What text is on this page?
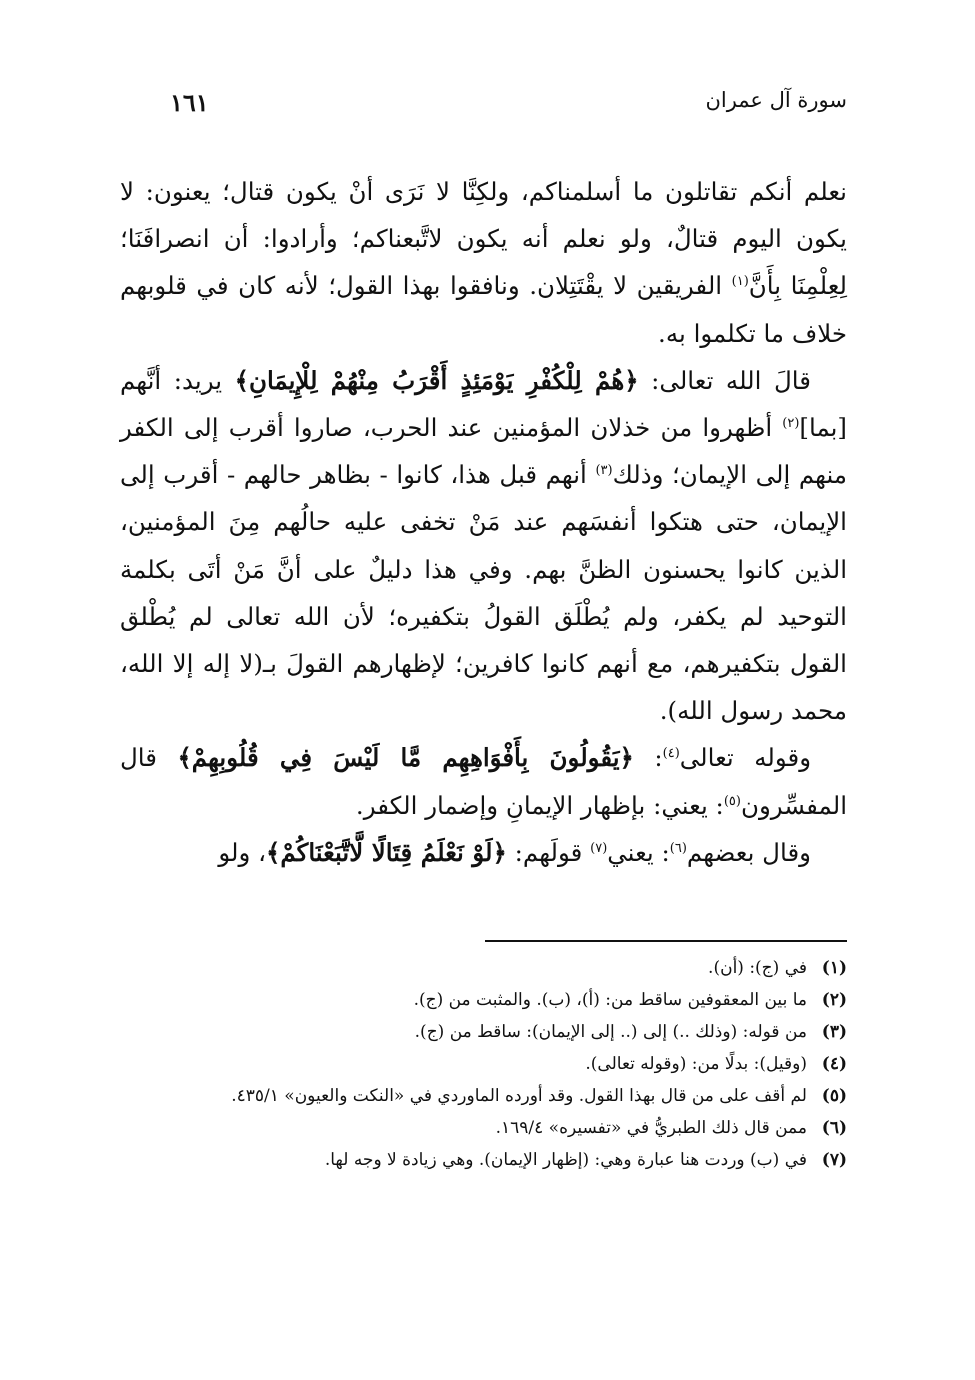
سورة آل عمران
١٦١

نعلم أنكم تقاتلون ما أسلمناكم، ولكِنَّا لا نَرَى أنْ يكون قتال؛ يعنون: لا يكون اليوم قتالٌ، ولو نعلم أنه يكون لاتَّبعناكم؛ وأرادوا: أن انصرافَنَا؛ لِعِلْمِنَا بِأَنَّ$^{(١)}$ الفريقين لا يقْتَتِلان. ونافقوا بهذا القول؛ لأنه كان في قلوبهم خلاف ما تكلموا به.

قالَ الله تعالى: ﴿هُمْ لِلْكُفْرِ يَوْمَئِذٍ أَقْرَبُ مِنْهُمْ لِلْإِيمَانِ﴾ يريد: أنَّهم [بما]$^{(٢)}$ أظهروا من خذلان المؤمنين عند الحرب، صاروا أقرب إلى الكفر منهم إلى الإيمان؛ وذلك$^{(٣)}$ أنهم قبل هذا، كانوا - بظاهر حالهم - أقرب إلى الإيمان، حتى هتكوا أنفسَهم عند مَنْ تخفى عليه حالُهم مِنَ المؤمنين، الذين كانوا يحسنون الظنَّ بهم. وفي هذا دليلٌ على أنَّ مَنْ أتَى بكلمة التوحيد لم يكفر، ولم يُطْلَق القولُ بتكفيره؛ لأن الله تعالى لم يُطْلق القول بتكفيرهم، مع أنهم كانوا كافرين؛ لإظهارهم القولَ بـ(لا إله إلا الله، محمد رسول الله).

وقوله تعالى$^{(٤)}$: ﴿يَقُولُونَ بِأَفْوَاهِهِم مَّا لَيْسَ فِي قُلُوبِهِمْ﴾ قال المفسِّرون$^{(٥)}$: يعني: بإظهار الإيمانِ وإضمار الكفر.

وقال بعضهم$^{(٦)}$: يعني$^{(٧)}$ قولَهم: ﴿لَوْ نَعْلَمُ قِتَالًا لَّاتَّبَعْنَاكُمْ﴾، ولو

(١)
في (ج): (أن).
(٢)
ما بين المعقوفين ساقط من: (أ)، (ب). والمثبت من (ج).
(٣)
من قوله: (وذلك ..) إلى (.. إلى الإيمان): ساقط من (ج).
(٤)
(وقيل): بدلًا من: (وقوله تعالى).
(٥)
لم أقف على من قال بهذا القول. وقد أورده الماوردي في «النكت والعيون» ٤٣٥/١.
(٦)
ممن قال ذلك الطبريُّ في «تفسيره» ١٦٩/٤.
(٧)
في (ب) وردت هنا عبارة وهي: (إظهار الإيمان). وهي زيادة لا وجه لها.
